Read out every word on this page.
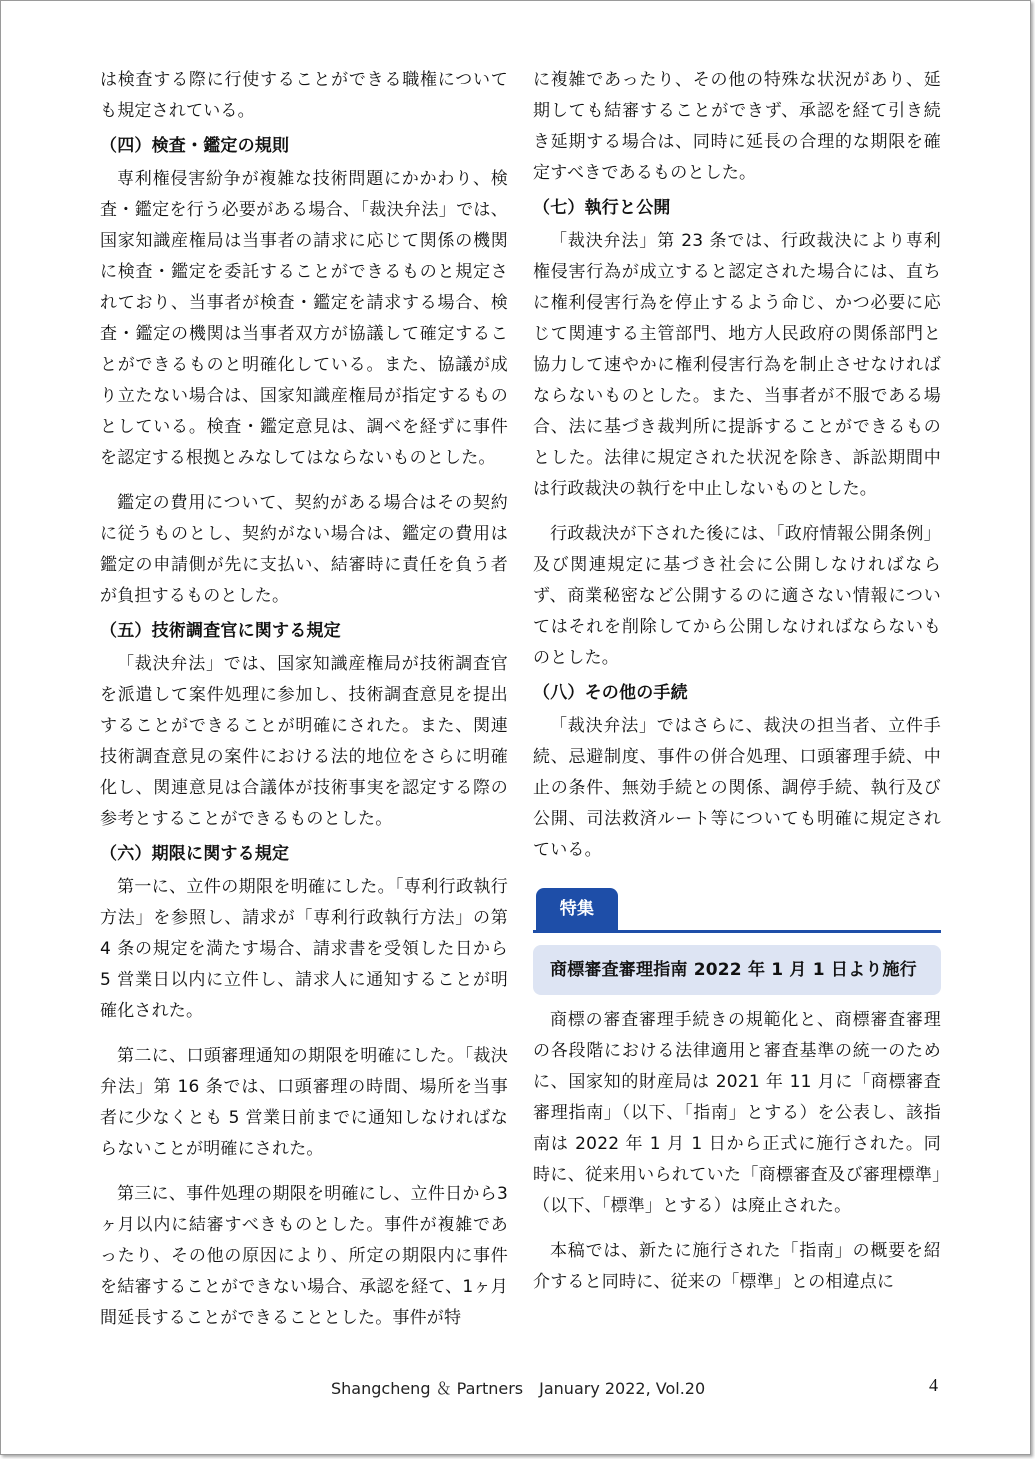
は検査する際に行使することができる職権についても規定されている。

（四）検査・鑑定の規則

専利権侵害紛争が複雑な技術問題にかかわり、検査・鑑定を行う必要がある場合、「裁決弁法」では、国家知識産権局は当事者の請求に応じて関係の機関に検査・鑑定を委託することができるものと規定されており、当事者が検査・鑑定を請求する場合、検査・鑑定の機関は当事者双方が協議して確定することができるものと明確化している。また、協議が成り立たない場合は、国家知識産権局が指定するものとしている。検査・鑑定意見は、調べを経ずに事件を認定する根拠とみなしてはならないものとした。

鑑定の費用について、契約がある場合はその契約に従うものとし、契約がない場合は、鑑定の費用は鑑定の申請側が先に支払い、結審時に責任を負う者が負担するものとした。

（五）技術調査官に関する規定

「裁決弁法」では、国家知識産権局が技術調査官を派遣して案件処理に参加し、技術調査意見を提出することができることが明確にされた。また、関連技術調査意見の案件における法的地位をさらに明確化し、関連意見は合議体が技術事実を認定する際の参考とすることができるものとした。

（六）期限に関する規定

第一に、立件の期限を明確にした。「専利行政執行方法」を参照し、請求が「専利行政執行方法」の第 4 条の規定を満たす場合、請求書を受領した日から 5 営業日以内に立件し、請求人に通知することが明確化された。

第二に、口頭審理通知の期限を明確にした。「裁決弁法」第 16 条では、口頭審理の時間、場所を当事者に少なくとも 5 営業日前までに通知しなければならないことが明確にされた。

第三に、事件処理の期限を明確にし、立件日から3ヶ月以内に結審すべきものとした。事件が複雑であったり、その他の原因により、所定の期限内に事件を結審することができない場合、承認を経て、1ヶ月間延長することができることとした。事件が特

に複雑であったり、その他の特殊な状況があり、延期しても結審することができず、承認を経て引き続き延期する場合は、同時に延長の合理的な期限を確定すべきであるものとした。

（七）執行と公開

「裁決弁法」第 23 条では、行政裁決により専利権侵害行為が成立すると認定された場合には、直ちに権利侵害行為を停止するよう命じ、かつ必要に応じて関連する主管部門、地方人民政府の関係部門と協力して速やかに権利侵害行為を制止させなければならないものとした。また、当事者が不服である場合、法に基づき裁判所に提訴することができるものとした。法律に規定された状況を除き、訴訟期間中は行政裁決の執行を中止しないものとした。

行政裁決が下された後には、「政府情報公開条例」及び関連規定に基づき社会に公開しなければならず、商業秘密など公開するのに適さない情報についてはそれを削除してから公開しなければならないものとした。

（八）その他の手続

「裁決弁法」ではさらに、裁決の担当者、立件手続、忌避制度、事件の併合処理、口頭審理手続、中止の条件、無効手続との関係、調停手続、執行及び公開、司法救済ルート等についても明確に規定されている。

特集
商標審査審理指南 2022 年 1 月 1 日より施行

商標の審査審理手続きの規範化と、商標審査審理の各段階における法律適用と審査基準の統一のために、国家知的財産局は 2021 年 11 月に「商標審査審理指南」（以下、「指南」とする）を公表し、該指南は 2022 年 1 月 1 日から正式に施行された。同時に、従来用いられていた「商標審査及び審理標準」（以下、「標準」とする）は廃止された。

本稿では、新たに施行された「指南」の概要を紹介すると同時に、従来の「標準」との相違点に

Shangcheng ＆ Partners　January 2022, Vol.20	4
